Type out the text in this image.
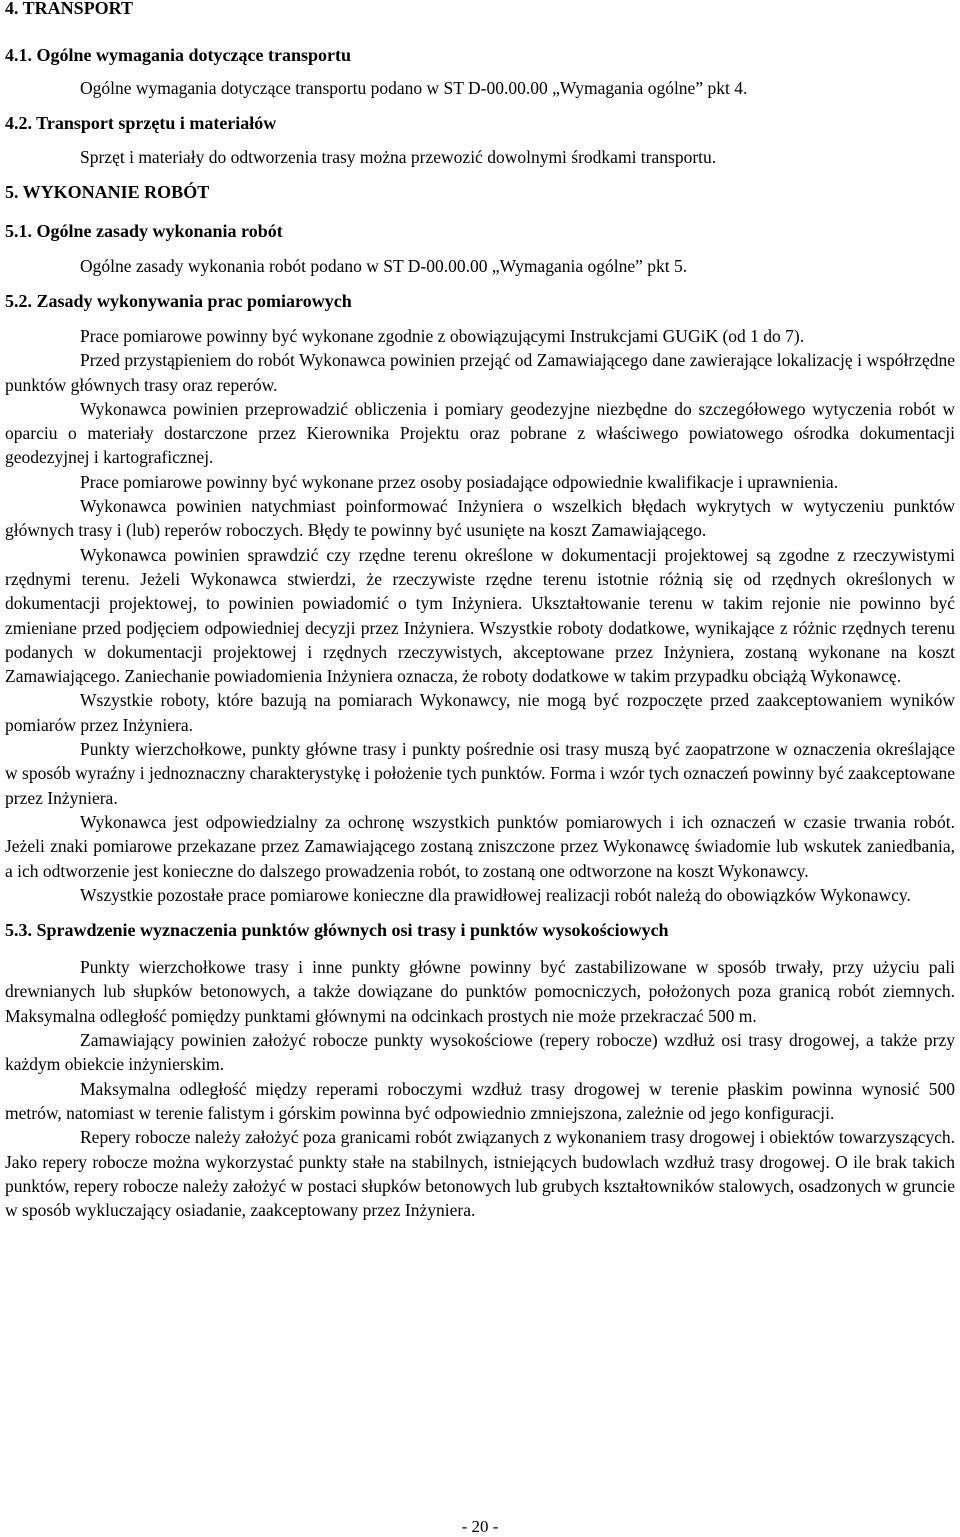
4. TRANSPORT
4.1. Ogólne wymagania dotyczące transportu

Ogólne wymagania dotyczące transportu podano w ST D-00.00.00 „Wymagania ogólne” pkt 4.

4.2. Transport sprzętu i materiałów

Sprzęt i materiały do odtworzenia trasy można przewozić dowolnymi środkami transportu.

5. WYKONANIE ROBÓT
5.1. Ogólne zasady wykonania robót

Ogólne zasady wykonania robót podano w ST D-00.00.00 „Wymagania ogólne” pkt 5.

5.2. Zasady wykonywania prac pomiarowych

Prace pomiarowe powinny być wykonane zgodnie z obowiązującymi Instrukcjami GUGiK (od 1 do 7).

Przed przystąpieniem do robót Wykonawca powinien przejąć od Zamawiającego dane zawierające lokalizację i współrzędne punktów głównych trasy oraz reperów.

Wykonawca powinien przeprowadzić obliczenia i pomiary geodezyjne niezbędne do szczegółowego wytyczenia robót w oparciu o materiały dostarczone przez Kierownika Projektu oraz pobrane z właściwego powiatowego ośrodka dokumentacji geodezyjnej i kartograficznej.

Prace pomiarowe powinny być wykonane przez osoby posiadające odpowiednie kwalifikacje i uprawnienia.

Wykonawca powinien natychmiast poinformować Inżyniera o wszelkich błędach wykrytych w wytyczeniu punktów głównych trasy i (lub) reperów roboczych. Błędy te powinny być usunięte na koszt Zamawiającego.

Wykonawca powinien sprawdzić czy rzędne terenu określone w dokumentacji projektowej są zgodne z rzeczywistymi rzędnymi terenu. Jeżeli Wykonawca stwierdzi, że rzeczywiste rzędne terenu istotnie różnią się od rzędnych określonych w dokumentacji projektowej, to powinien powiadomić o tym Inżyniera. Ukształtowanie terenu w takim rejonie nie powinno być zmieniane przed podjęciem odpowiedniej decyzji przez Inżyniera. Wszystkie roboty dodatkowe, wynikające z różnic rzędnych terenu podanych w dokumentacji projektowej i rzędnych rzeczywistych, akceptowane przez Inżyniera, zostaną wykonane na koszt Zamawiającego. Zaniechanie powiadomienia Inżyniera oznacza, że roboty dodatkowe w takim przypadku obciążą Wykonawcę.

Wszystkie roboty, które bazują na pomiarach Wykonawcy, nie mogą być rozpoczęte przed zaakceptowaniem wyników pomiarów przez Inżyniera.

Punkty wierzchołkowe, punkty główne trasy i punkty pośrednie osi trasy muszą być zaopatrzone w oznaczenia określające w sposób wyraźny i jednoznaczny charakterystykę i położenie tych punktów. Forma i wzór tych oznaczeń powinny być zaakceptowane przez Inżyniera.

Wykonawca jest odpowiedzialny za ochronę wszystkich punktów pomiarowych i ich oznaczeń w czasie trwania robót. Jeżeli znaki pomiarowe przekazane przez Zamawiającego zostaną zniszczone przez Wykonawcę świadomie lub wskutek zaniedbania, a ich odtworzenie jest konieczne do dalszego prowadzenia robót, to zostaną one odtworzone na koszt Wykonawcy.

Wszystkie pozostałe prace pomiarowe konieczne dla prawidłowej realizacji robót należą do obowiązków Wykonawcy.

5.3. Sprawdzenie wyznaczenia punktów głównych osi trasy i punktów wysokościowych

Punkty wierzchołkowe trasy i inne punkty główne powinny być zastabilizowane w sposób trwały, przy użyciu pali drewnianych lub słupków betonowych, a także dowiązane do punktów pomocniczych, położonych poza granicą robót ziemnych. Maksymalna odległość pomiędzy punktami głównymi na odcinkach prostych nie może przekraczać 500 m.

Zamawiający powinien założyć robocze punkty wysokościowe (repery robocze) wzdłuż osi trasy drogowej, a także przy każdym obiekcie inżynierskim.

Maksymalna odległość między reperami roboczymi wzdłuż trasy drogowej w terenie płaskim powinna wynosić 500 metrów, natomiast w terenie falistym i górskim powinna być odpowiednio zmniejszona, zależnie od jego konfiguracji.

Repery robocze należy założyć poza granicami robót związanych z wykonaniem trasy drogowej i obiektów towarzyszących. Jako repery robocze można wykorzystać punkty stałe na stabilnych, istniejących budowlach wzdłuż trasy drogowej. O ile brak takich punktów, repery robocze należy założyć w postaci słupków betonowych lub grubych kształtowników stalowych, osadzonych w gruncie w sposób wykluczający osiadanie, zaakceptowany przez Inżyniera.

- 20 -
